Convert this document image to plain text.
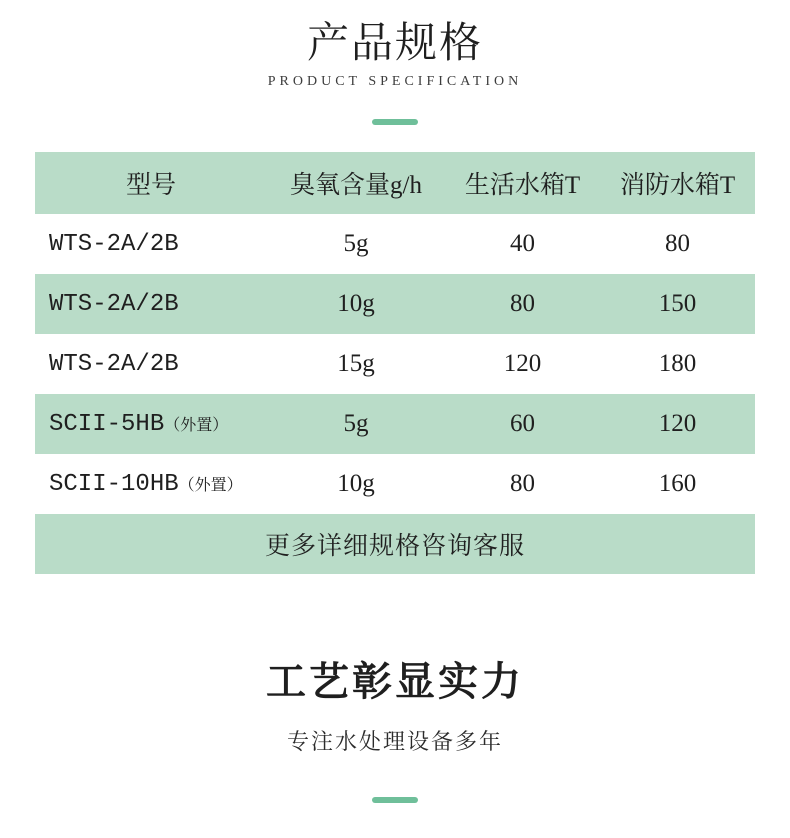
产品规格
PRODUCT SPECIFICATION
型号	臭氧含量g/h	生活水箱T	消防水箱T
WTS-2A/2B	5g	40	80
WTS-2A/2B	10g	80	150
WTS-2A/2B	15g	120	180
SCII-5HB（外置）	5g	60	120
SCII-10HB（外置）	10g	80	160
更多详细规格咨询客服			
工艺彰显实力
专注水处理设备多年
